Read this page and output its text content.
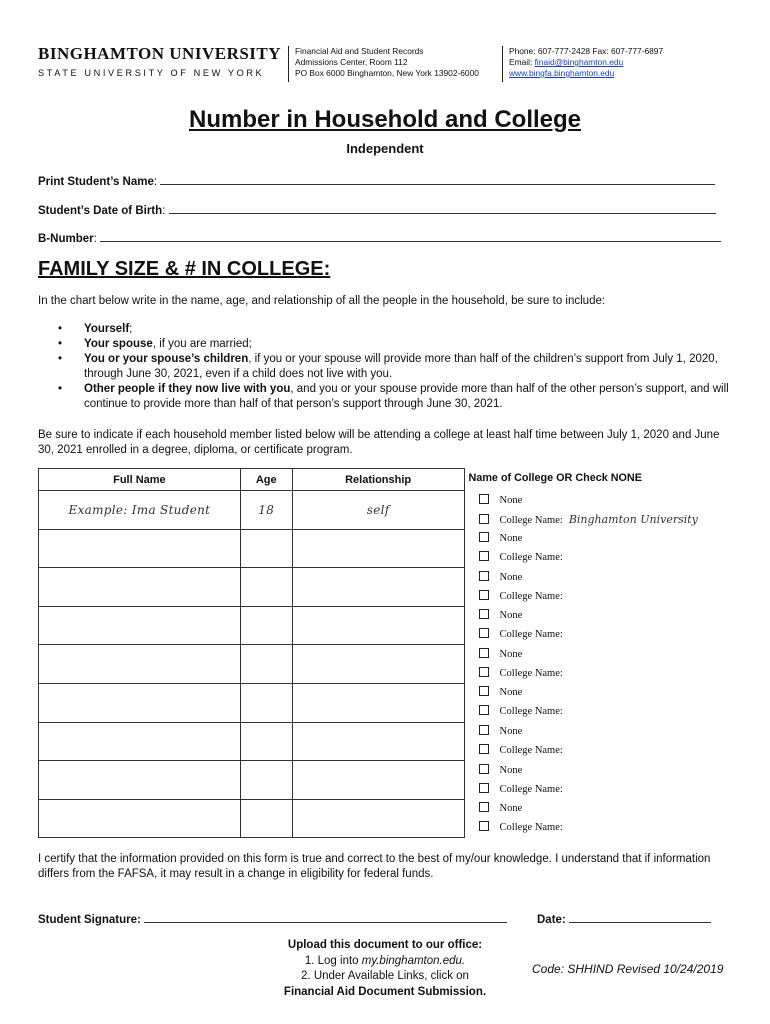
BINGHAMTON UNIVERSITY
STATE UNIVERSITY OF NEW YORK
Financial Aid and Student Records
Admissions Center, Room 112
PO Box 6000 Binghamton, New York 13902-6000
Phone: 607-777-2428 Fax: 607-777-6897
Email: finaid@binghamton.edu
www.bingfa.binghamton.edu
Number in Household and College
Independent
Print Student’s Name:
Student’s Date of Birth:
B-Number:
FAMILY SIZE & # IN COLLEGE:
In the chart below write in the name, age, and relationship of all the people in the household, be sure to include:
• Yourself;
• Your spouse, if you are married;
• You or your spouse’s children, if you or your spouse will provide more than half of the children’s support from July 1, 2020, through June 30, 2021, even if a child does not live with you.
• Other people if they now live with you, and you or your spouse provide more than half of the other person’s support, and will continue to provide more than half of that person’s support through June 30, 2021.
Be sure to indicate if each household member listed below will be attending a college at least half time between July 1, 2020 and June 30, 2021 enrolled in a degree, diploma, or certificate program.
Full Name	Age	Relationship	Name of College OR Check NONE
Example: Ima Student	18	self	None
College Name: Binghamton University

			None
College Name:

			None
College Name:

			None
College Name:

			None
College Name:

			None
College Name:

			None
College Name:

			None
College Name:

			None
College Name:
I certify that the information provided on this form is true and correct to the best of my/our knowledge. I understand that if information differs from the FAFSA, it may result in a change in eligibility for federal funds.
Student Signature:	Date:
Upload this document to our office:
1. Log into my.binghamton.edu.
2. Under Available Links, click on
Financial Aid Document Submission.
Code: SHHIND Revised 10/24/2019
